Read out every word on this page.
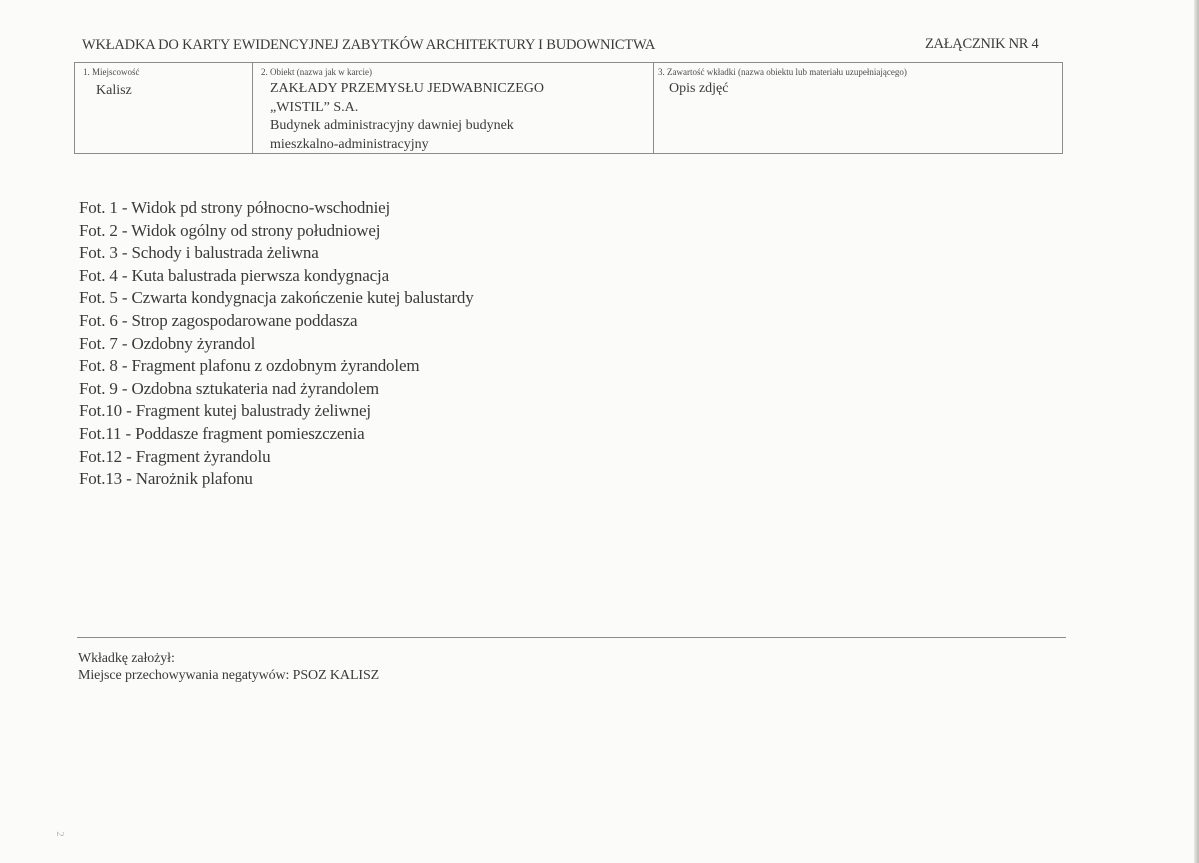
WKŁADKA DO KARTY EWIDENCYJNEJ ZABYTKÓW ARCHITEKTURY I BUDOWNICTWA	ZAŁĄCZNIK NR 4
1. Miejscowość
Kalisz
2. Obiekt (nazwa jak w karcie)
ZAKŁADY PRZEMYSŁU JEDWABNICZEGO
„WISTIL” S.A.
Budynek administracyjny dawniej budynek
mieszkalno-administracyjny
3. Zawartość wkładki (nazwa obiektu lub materiału uzupełniającego)
Opis zdjęć
Fot. 1 - Widok pd strony północno-wschodniej
Fot. 2 - Widok ogólny od strony południowej
Fot. 3 - Schody i balustrada żeliwna
Fot. 4 - Kuta balustrada pierwsza kondygnacja
Fot. 5 - Czwarta kondygnacja zakończenie kutej balustardy
Fot. 6 - Strop zagospodarowane poddasza
Fot. 7 - Ozdobny żyrandol
Fot. 8 - Fragment plafonu z ozdobnym żyrandolem
Fot. 9 - Ozdobna sztukateria nad żyrandolem
Fot.10 - Fragment kutej balustrady żeliwnej
Fot.11 - Poddasze fragment pomieszczenia
Fot.12 - Fragment żyrandolu
Fot.13 - Narożnik plafonu
Wkładkę założył:
Miejsce przechowywania negatywów: PSOZ KALISZ
2
